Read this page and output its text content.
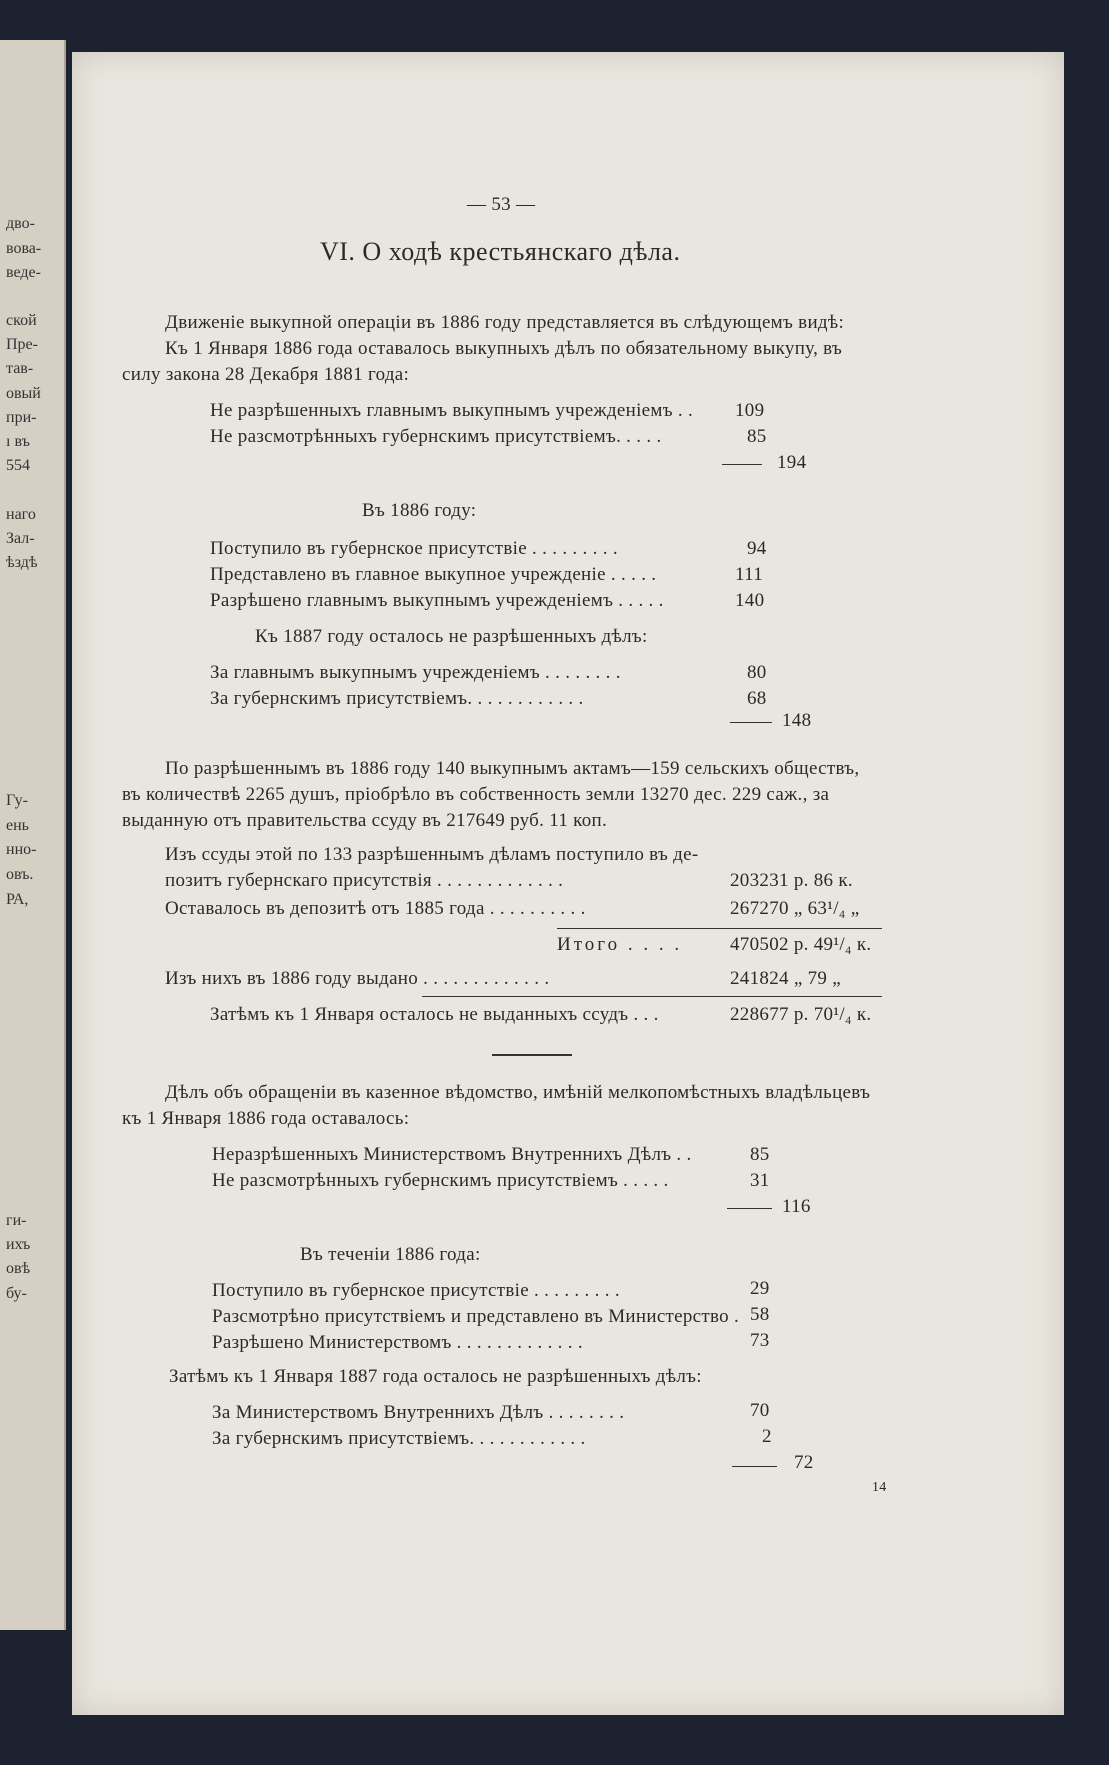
дво-
вова-
веде-
ской
Пре-
тав-
овый
при-
ı въ
554
наго
Зал-
ѣздѣ
Гу-
ень
нно-
овъ.
РА,
ги-
ихъ
овѣ
бу-
— 53 —
VI. О ходѣ крестьянскаго дѣла.
Движеніе выкупной операціи въ 1886 году представляется въ слѣдующемъ видѣ:
Къ 1 Января 1886 года оставалось выкупныхъ дѣлъ по обязательному выкупу, въ
силу закона 28 Декабря 1881 года:
Не разрѣшенныхъ главнымъ выкупнымъ учрежденіемъ . . 109
Не разсмотрѣнныхъ губернскимъ присутствіемъ. . . . .	85
194
Въ 1886 году:
Поступило въ губернское присутствіе . . . . . . . . .	94
Представлено въ главное выкупное учрежденіе . . . . .	111
Разрѣшено главнымъ выкупнымъ учрежденіемъ . . . . .	140
Къ 1887 году осталось не разрѣшенныхъ дѣлъ:
За главнымъ выкупнымъ учрежденіемъ . . . . . . . .	80
За губернскимъ присутствіемъ. . . . . . . . . . . .	68
148
По разрѣшеннымъ въ 1886 году 140 выкупнымъ актамъ—159 сельскихъ обществъ,
въ количествѣ 2265 душъ, пріобрѣло въ собственность земли 13270 дес. 229 саж., за
выданную отъ правительства ссуду въ 217649 руб. 11 коп.
Изъ ссуды этой по 133 разрѣшеннымъ дѣламъ поступило въ де-
позитъ губернскаго присутствія . . . . . . . . . . . . .	203231 р. 86 к.
Оставалось въ депозитѣ отъ 1885 года . . . . . . . . . .	267270 „ 63¹/₄ „
Итого . . . .	470502 р. 49¹/₄ к.
Изъ нихъ въ 1886 году выдано . . . . . . . . . . . . .	241824 „ 79 „
Затѣмъ къ 1 Января осталось не выданныхъ ссудъ . . .	228677 р. 70¹/₄ к.
Дѣлъ объ обращеніи въ казенное вѣдомство, имѣній мелкопомѣстныхъ владѣльцевъ
къ 1 Января 1886 года оставалось:
Неразрѣшенныхъ Министерствомъ Внутреннихъ Дѣлъ . .	85
Не разсмотрѣнныхъ губернскимъ присутствіемъ . . . . .	31
116
Въ теченіи 1886 года:
Поступило въ губернское присутствіе . . . . . . . . .	29
Разсмотрѣно присутствіемъ и представлено въ Министерство . 58
Разрѣшено Министерствомъ . . . . . . . . . . . . .	73
Затѣмъ къ 1 Января 1887 года осталось не разрѣшенныхъ дѣлъ:
За Министерствомъ Внутреннихъ Дѣлъ . . . . . . . .	70
За губернскимъ присутствіемъ. . . . . . . . . . . .	2
72
14
